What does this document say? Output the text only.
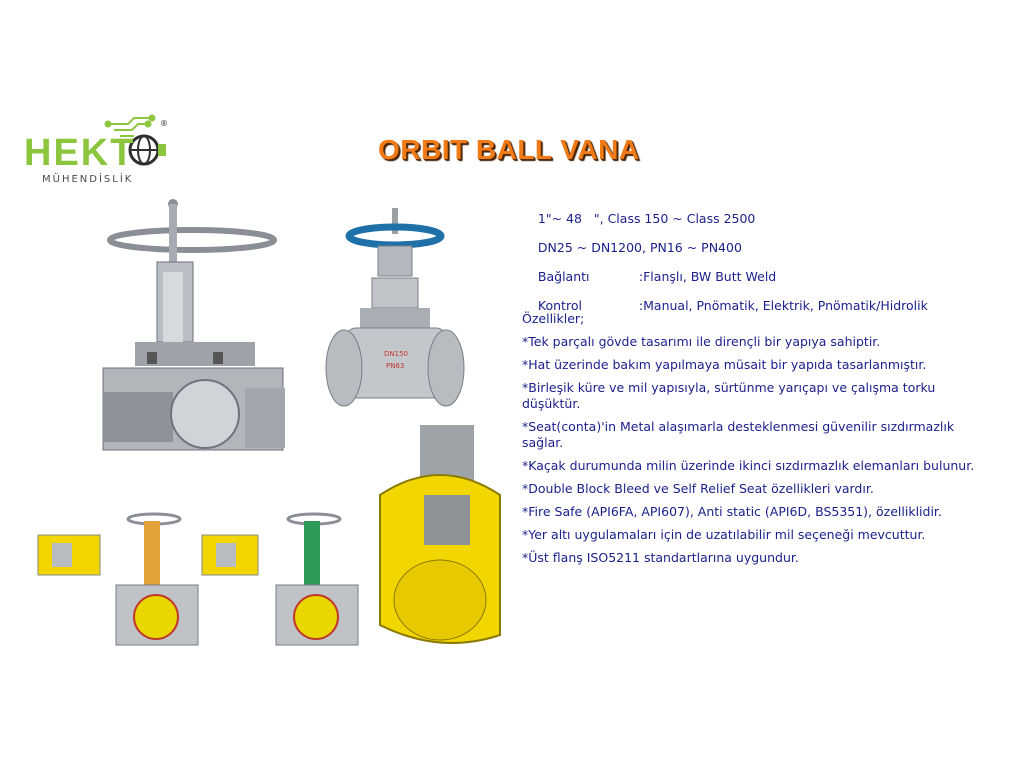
®
HEKT
MÜHENDİSLİK
ORBIT BALL VANA
DN150
PN63

1"~ 48   ", Class 150 ~ Class 2500

DN25 ~ DN1200, PN16 ~ PN400

Bağlantı	:Flanşlı, BW Butt Weld

Kontrol	:Manual, Pnömatik, Elektrik, Pnömatik/Hidrolik

Özellikler;
*Tek parçalı gövde tasarımı ile dirençli bir yapıya sahiptir.
*Hat üzerinde bakım yapılmaya müsait bir yapıda tasarlanmıştır.
*Birleşik küre ve mil yapısıyla, sürtünme yarıçapı ve çalışma torku düşüktür.
*Seat(conta)'in Metal alaşımarla desteklenmesi güvenilir sızdırmazlık sağlar.
*Kaçak durumunda milin üzerinde ikinci sızdırmazlık elemanları bulunur.
*Double Block Bleed ve Self Relief Seat özellikleri vardır.
*Fire Safe (API6FA, API607), Anti static (API6D, BS5351), özelliklidir.
*Yer altı uygulamaları için de uzatılabilir mil seçeneği mevcuttur.
*Üst flanş ISO5211 standartlarına uygundur.
